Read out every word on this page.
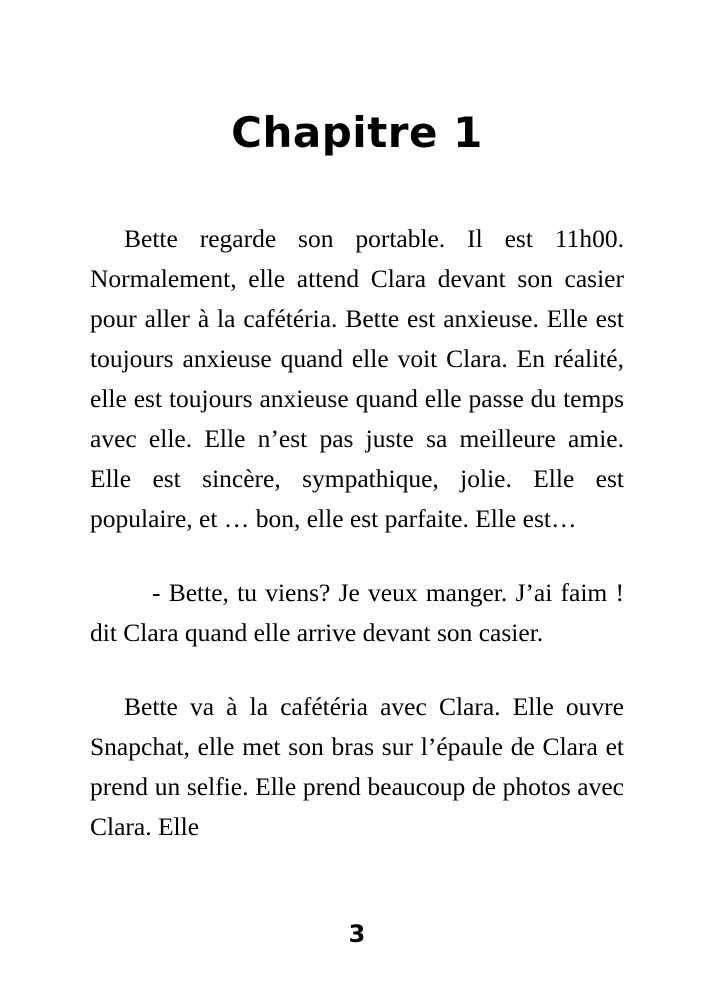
Chapitre 1

Bette regarde son portable. Il est 11h00. Normalement, elle attend Clara devant son casier pour aller à la cafétéria. Bette est anxieuse. Elle est toujours anxieuse quand elle voit Clara. En réalité, elle est toujours anxieuse quand elle passe du temps avec elle. Elle n’est pas juste sa meilleure amie. Elle est sincère, sympathique, jolie. Elle est populaire, et … bon, elle est parfaite. Elle est…

- Bette, tu viens? Je veux manger. J’ai faim ! dit Clara quand elle arrive devant son casier.

Bette va à la cafétéria avec Clara. Elle ouvre Snapchat, elle met son bras sur l’épaule de Clara et prend un selfie. Elle prend beaucoup de photos avec Clara. Elle

3
